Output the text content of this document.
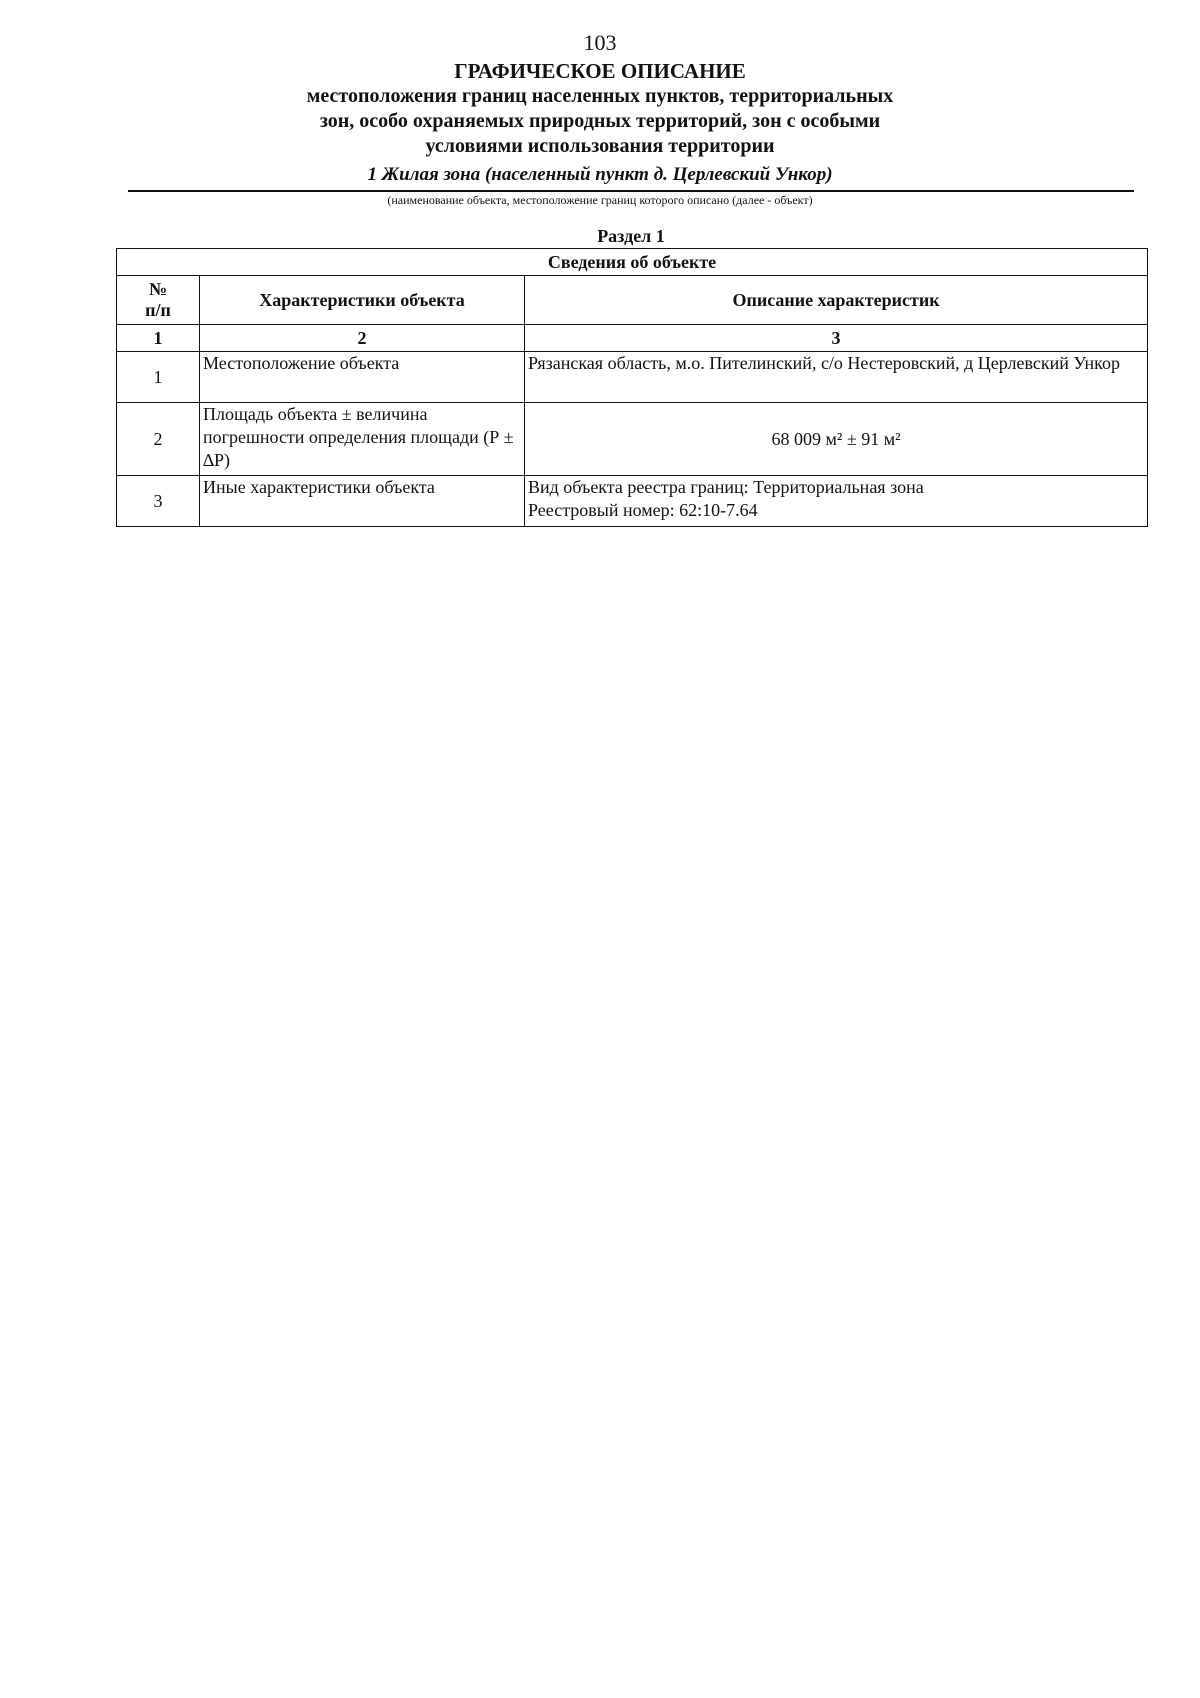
103
ГРАФИЧЕСКОЕ ОПИСАНИЕ
местоположения границ населенных пунктов, территориальных
зон, особо охраняемых природных территорий, зон с особыми
условиями использования территории
1 Жилая зона (населенный пункт д. Церлевский Ункор)
(наименование объекта, местоположение границ которого описано (далее - объект)
Раздел 1
Сведения об объекте		
№
п/п	Характеристики объекта	Описание характеристик
1	2	3
1	Местоположение объекта	Рязанская область, м.о. Пителинский, с/о Нестеровский, д Церлевский Ункор
2	Площадь объекта ± величина погрешности определения площади (Р ± ∆Р)	68 009 м² ± 91 м²
3	Иные характеристики объекта	Вид объекта реестра границ: Территориальная зона
Реестровый номер: 62:10-7.64
